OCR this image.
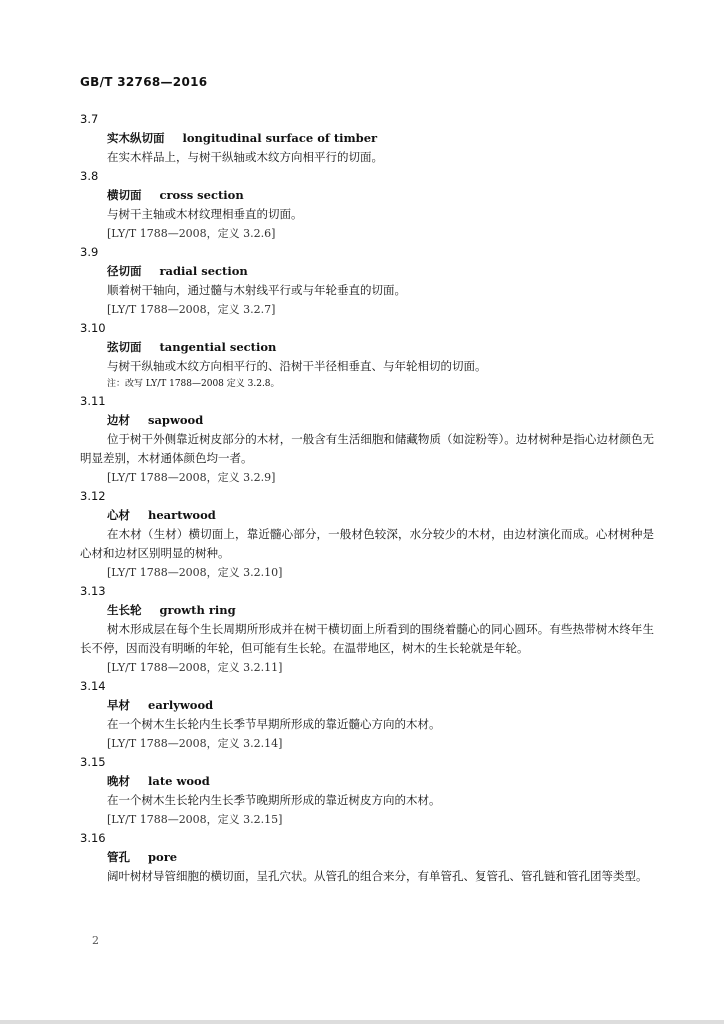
GB/T 32768—2016
3.7
实木纵切面 longitudinal surface of timber
在实木样品上，与树干纵轴或木纹方向相平行的切面。
3.8
横切面 cross section
与树干主轴或木材纹理相垂直的切面。
[LY/T 1788—2008，定义 3.2.6]
3.9
径切面 radial section
顺着树干轴向，通过髓与木射线平行或与年轮垂直的切面。
[LY/T 1788—2008，定义 3.2.7]
3.10
弦切面 tangential section
与树干纵轴或木纹方向相平行的、沿树干半径相垂直、与年轮相切的切面。
注：改写 LY/T 1788—2008 定义 3.2.8。
3.11
边材 sapwood
位于树干外侧靠近树皮部分的木材，一般含有生活细胞和储藏物质（如淀粉等）。边材树种是指心边材颜色无明显差别，木材通体颜色均一者。
[LY/T 1788—2008，定义 3.2.9]
3.12
心材 heartwood
在木材（生材）横切面上，靠近髓心部分，一般材色较深，水分较少的木材，由边材演化而成。心材树种是心材和边材区别明显的树种。
[LY/T 1788—2008，定义 3.2.10]
3.13
生长轮 growth ring
树木形成层在每个生长周期所形成并在树干横切面上所看到的围绕着髓心的同心圆环。有些热带树木终年生长不停，因而没有明晰的年轮，但可能有生长轮。在温带地区，树木的生长轮就是年轮。
[LY/T 1788—2008，定义 3.2.11]
3.14
早材 earlywood
在一个树木生长轮内生长季节早期所形成的靠近髓心方向的木材。
[LY/T 1788—2008，定义 3.2.14]
3.15
晚材 late wood
在一个树木生长轮内生长季节晚期所形成的靠近树皮方向的木材。
[LY/T 1788—2008，定义 3.2.15]
3.16
管孔 pore
阔叶树材导管细胞的横切面，呈孔穴状。从管孔的组合来分，有单管孔、复管孔、管孔链和管孔团等类型。
2
